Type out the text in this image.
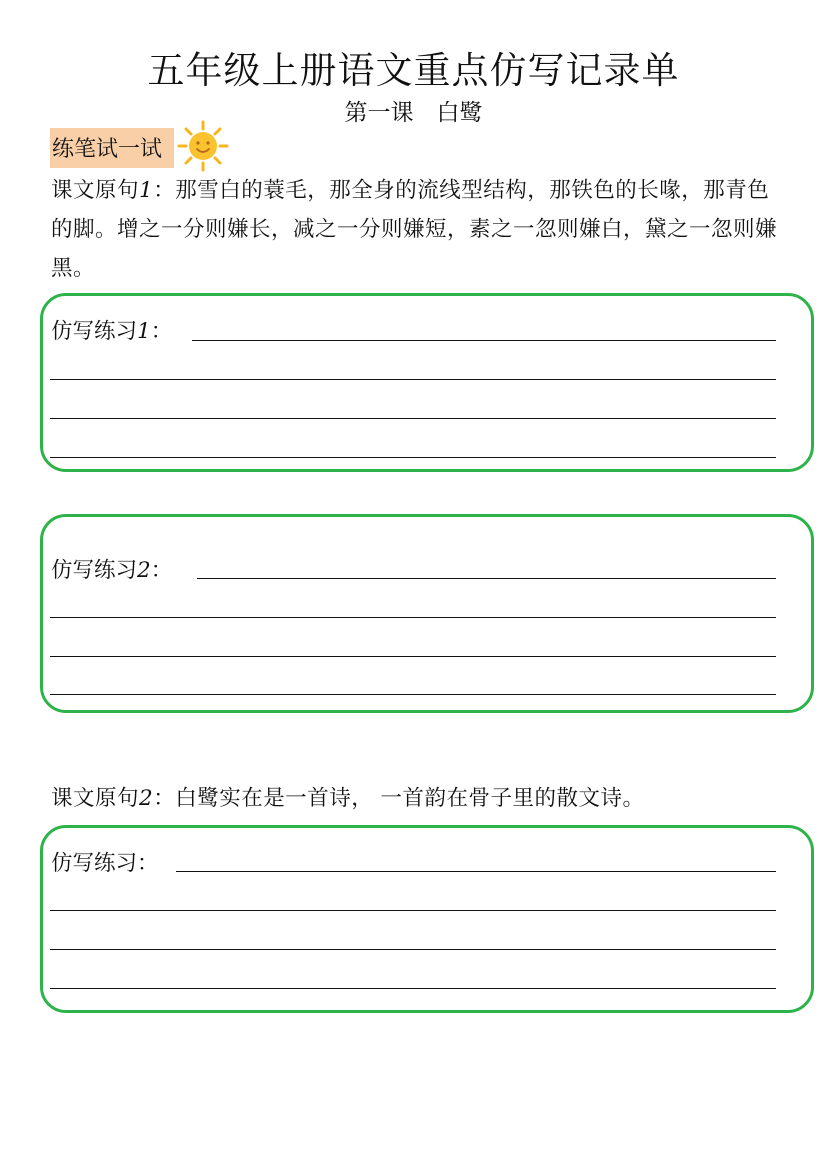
五年级上册语文重点仿写记录单
第一课　白鹭
练笔试一试

课文原句1：那雪白的蓑毛，那全身的流线型结构，那铁色的长喙，那青色的脚。增之一分则嫌长，减之一分则嫌短，素之一忽则嫌白，黛之一忽则嫌黑。

仿写练习1：
仿写练习2：

课文原句2：白鹭实在是一首诗， 一首韵在骨子里的散文诗。

仿写练习：
